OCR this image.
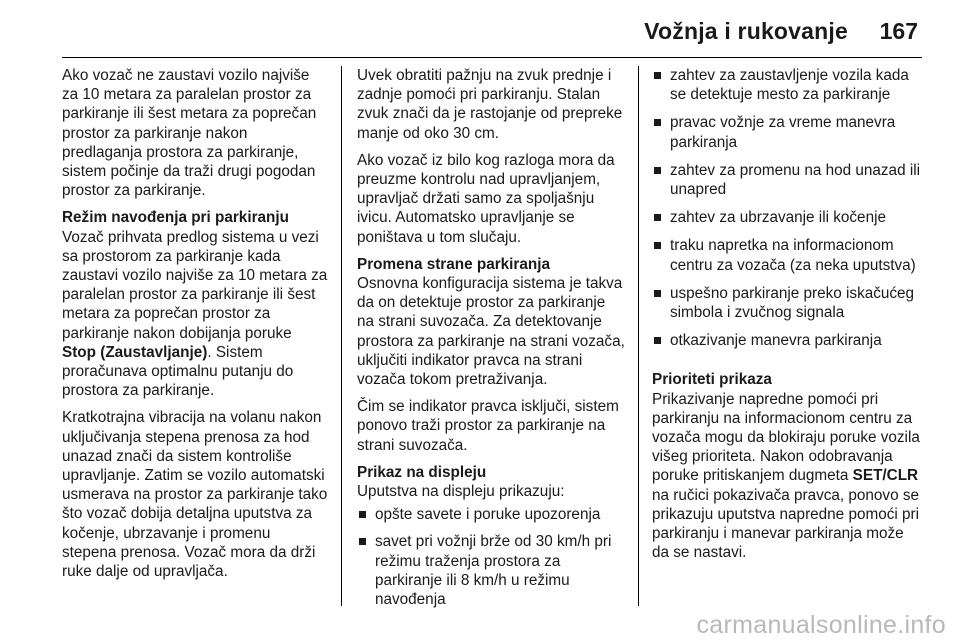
Vožnja i rukovanje 167

Ako vozač ne zaustavi vozilo najviše za 10 metara za paralelan prostor za parkiranje ili šest metara za poprečan prostor za parkiranje nakon predlaganja prostora za parkiranje, sistem počinje da traži drugi pogodan prostor za parkiranje.

Režim navođenja pri parkiranju
Vozač prihvata predlog sistema u vezi sa prostorom za parkiranje kada zaustavi vozilo najviše za 10 metara za paralelan prostor za parkiranje ili šest metara za poprečan prostor za parkiranje nakon dobijanja poruke Stop (Zaustavljanje). Sistem proračunava optimalnu putanju do prostora za parkiranje.

Kratkotrajna vibracija na volanu nakon uključivanja stepena prenosa za hod unazad znači da sistem kontroliše upravljanje. Zatim se vozilo automatski usmerava na prostor za parkiranje tako što vozač dobija detaljna uputstva za kočenje, ubrzavanje i promenu stepena prenosa. Vozač mora da drži ruke dalje od upravljača.

Uvek obratiti pažnju na zvuk prednje i zadnje pomoći pri parkiranju. Stalan zvuk znači da je rastojanje od prepreke manje od oko 30 cm.

Ako vozač iz bilo kog razloga mora da preuzme kontrolu nad upravljanjem, upravljač držati samo za spoljašnju ivicu. Automatsko upravljanje se poništava u tom slučaju.

Promena strane parkiranja
Osnovna konfiguracija sistema je takva da on detektuje prostor za parkiranje na strani suvozača. Za detektovanje prostora za parkiranje na strani vozača, uključiti indikator pravca na strani vozača tokom pretraživanja.

Čim se indikator pravca isključi, sistem ponovo traži prostor za parkiranje na strani suvozača.

Prikaz na displeju
Uputstva na displeju prikazuju:

opšte savete i poruke upozorenja
savet pri vožnji brže od 30 km/h pri režimu traženja prostora za parkiranje ili 8 km/h u režimu navođenja
zahtev za zaustavljenje vozila kada se detektuje mesto za parkiranje
pravac vožnje za vreme manevra parkiranja
zahtev za promenu na hod unazad ili unapred
zahtev za ubrzavanje ili kočenje
traku napretka na informacionom centru za vozača (za neka uputstva)
uspešno parkiranje preko iskačućeg simbola i zvučnog signala
otkazivanje manevra parkiranja

Prioriteti prikaza
Prikazivanje napredne pomoći pri parkiranju na informacionom centru za vozača mogu da blokiraju poruke vozila višeg prioriteta. Nakon odobravanja poruke pritiskanjem dugmeta SET/CLR na ručici pokazivača pravca, ponovo se prikazuju uputstva napredne pomoći pri parkiranju i manevar parkiranja može da se nastavi.

carmanualsonline.info
